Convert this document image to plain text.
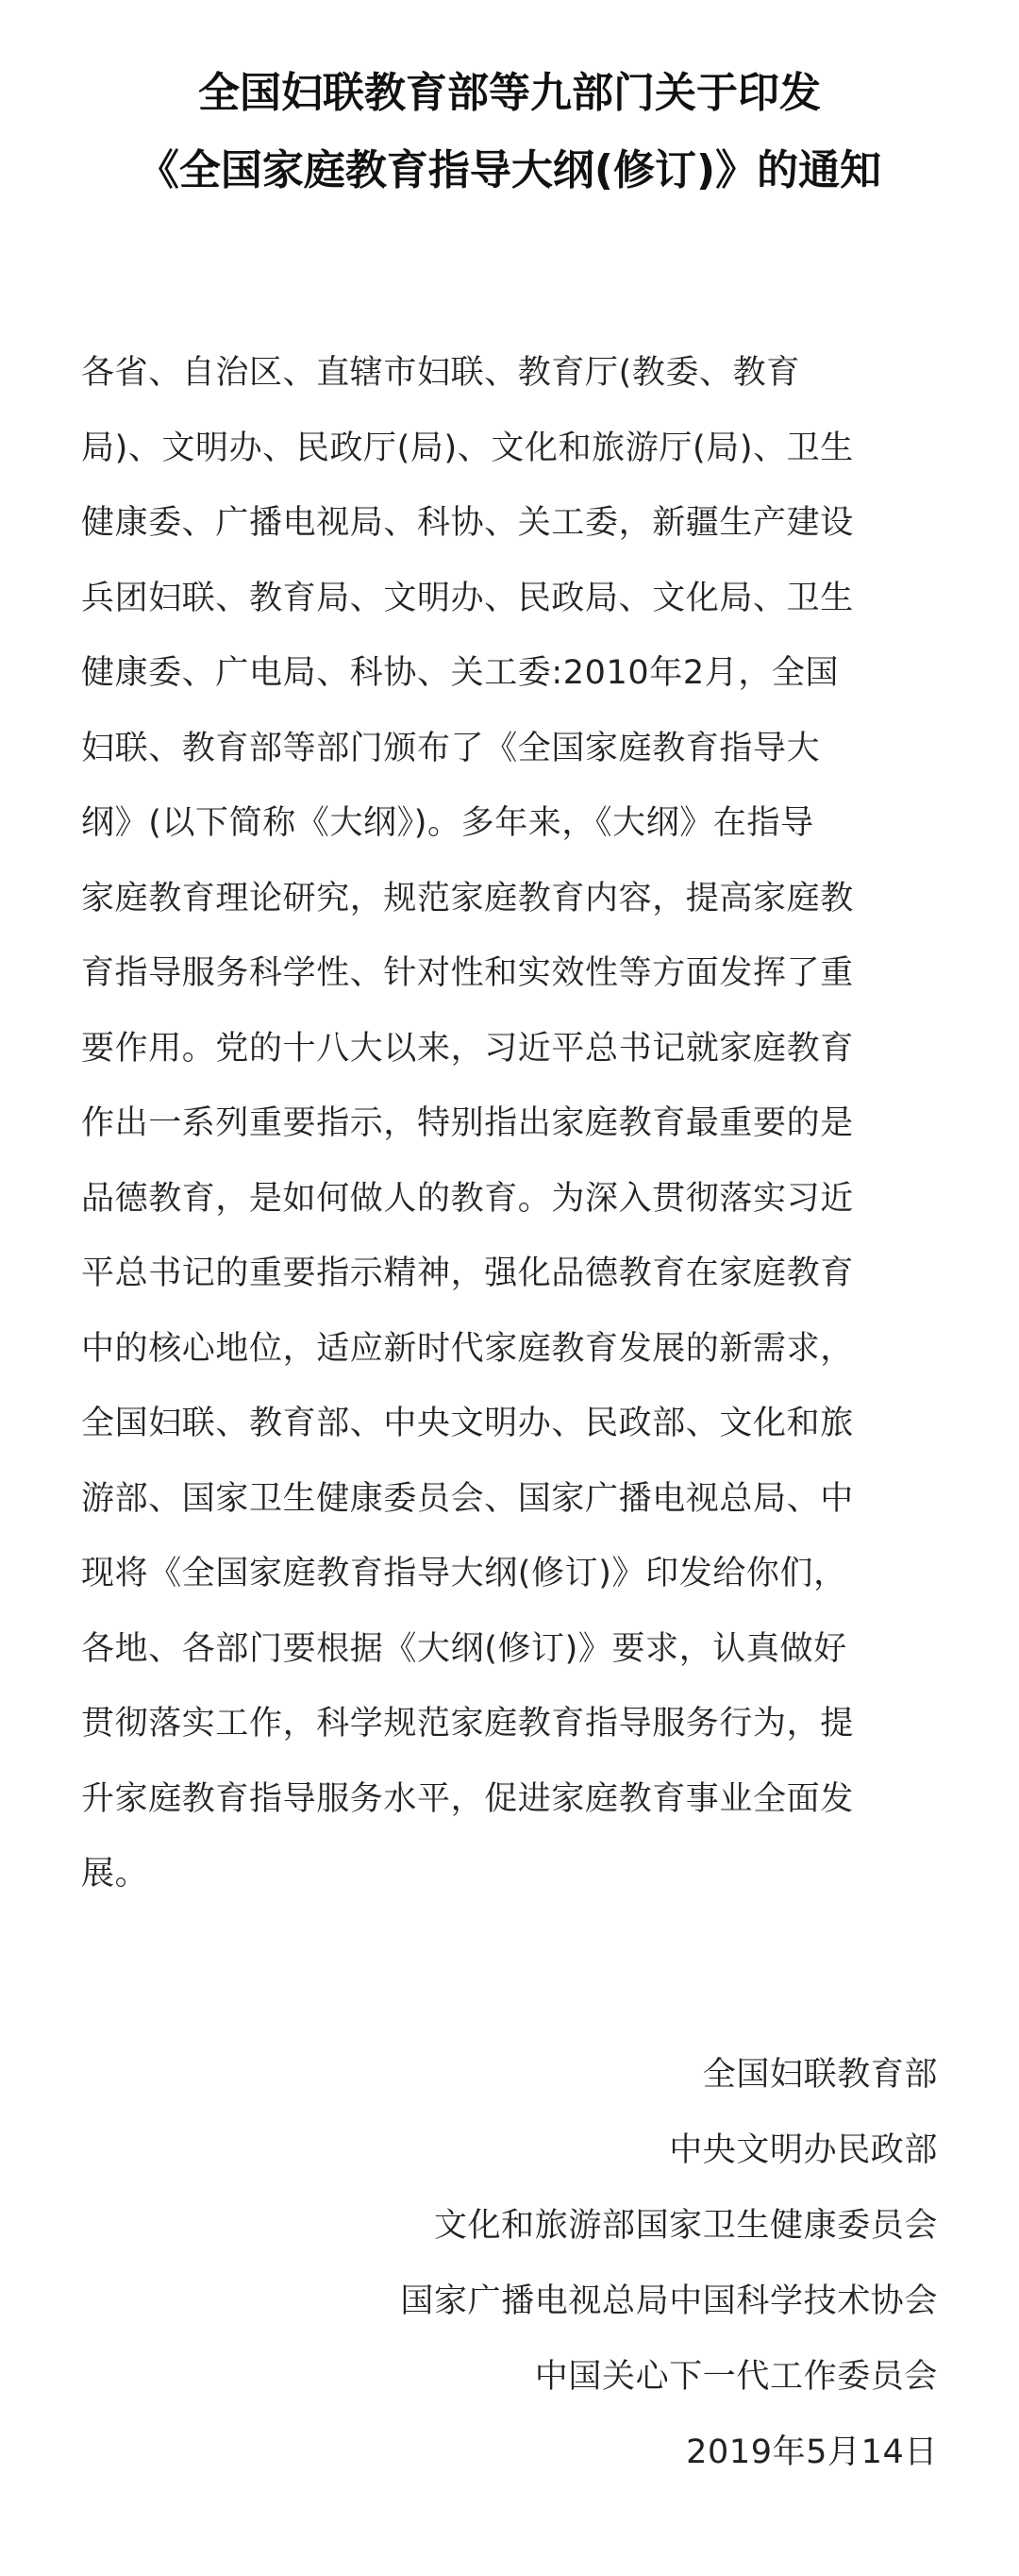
全国妇联教育部等九部门关于印发
《全国家庭教育指导大纲(修订)》的通知
各省、自治区、直辖市妇联、教育厅(教委、教育
局)、文明办、民政厅(局)、文化和旅游厅(局)、卫生
健康委、广播电视局、科协、关工委，新疆生产建设
兵团妇联、教育局、文明办、民政局、文化局、卫生
健康委、广电局、科协、关工委:2010年2月，全国
妇联、教育部等部门颁布了《全国家庭教育指导大
纲》(以下简称《大纲》)。多年来，《大纲》在指导
家庭教育理论研究，规范家庭教育内容，提高家庭教
育指导服务科学性、针对性和实效性等方面发挥了重
要作用。党的十八大以来，习近平总书记就家庭教育
作出一系列重要指示，特别指出家庭教育最重要的是
品德教育，是如何做人的教育。为深入贯彻落实习近
平总书记的重要指示精神，强化品德教育在家庭教育
中的核心地位，适应新时代家庭教育发展的新需求，
全国妇联、教育部、中央文明办、民政部、文化和旅
游部、国家卫生健康委员会、国家广播电视总局、中
现将《全国家庭教育指导大纲(修订)》印发给你们，
各地、各部门要根据《大纲(修订)》要求，认真做好
贯彻落实工作，科学规范家庭教育指导服务行为，提
升家庭教育指导服务水平，促进家庭教育事业全面发
展。
全国妇联教育部
中央文明办民政部
文化和旅游部国家卫生健康委员会
国家广播电视总局中国科学技术协会
中国关心下一代工作委员会
2019年5月14日
